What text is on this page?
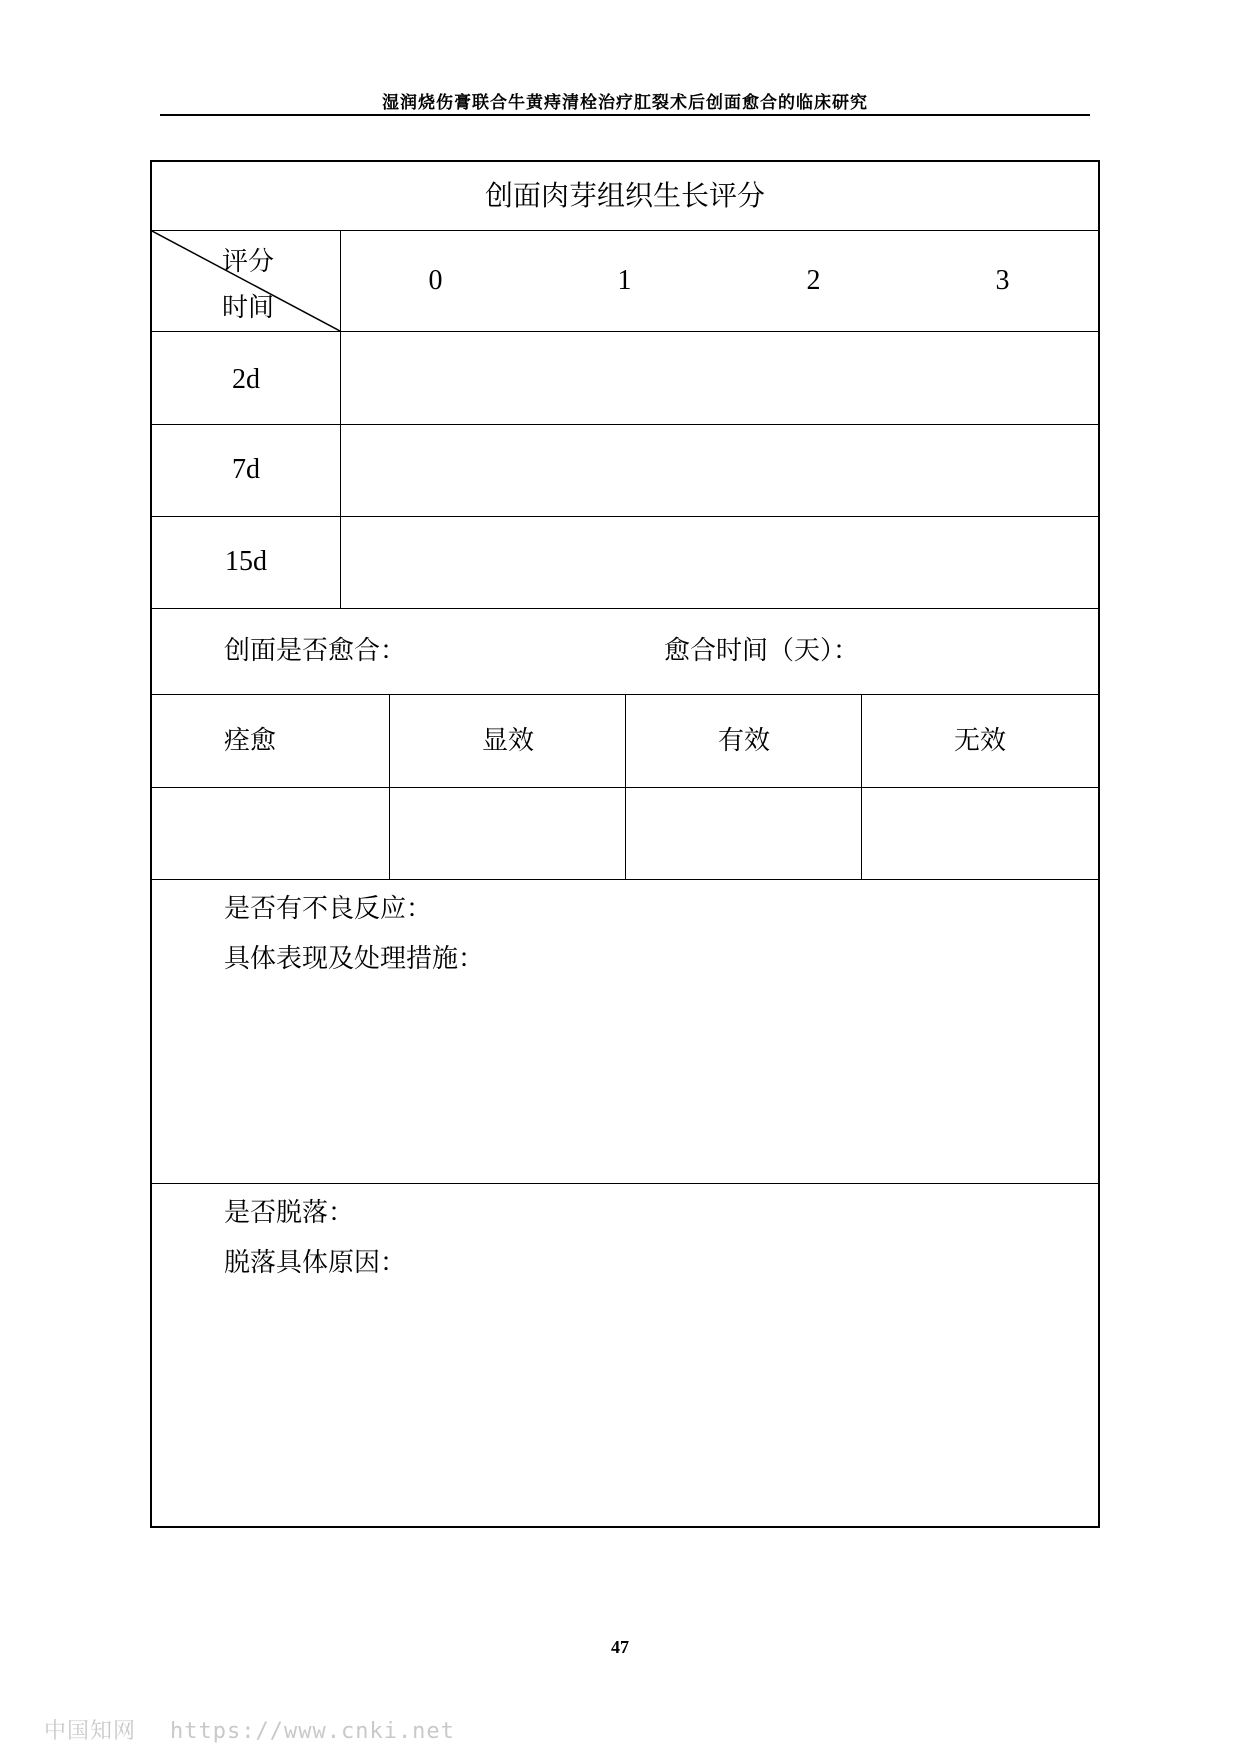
湿润烧伤膏联合牛黄痔清栓治疗肛裂术后创面愈合的临床研究
创面肉芽组织生长评分
评分
时间
0	1	2	3
2d
7d
15d
创面是否愈合：	愈合时间（天）：
痊愈	显效	有效	无效
是否有不良反应：
具体表现及处理措施：
是否脱落：
脱落具体原因：
47
中国知网 https://www.cnki.net
